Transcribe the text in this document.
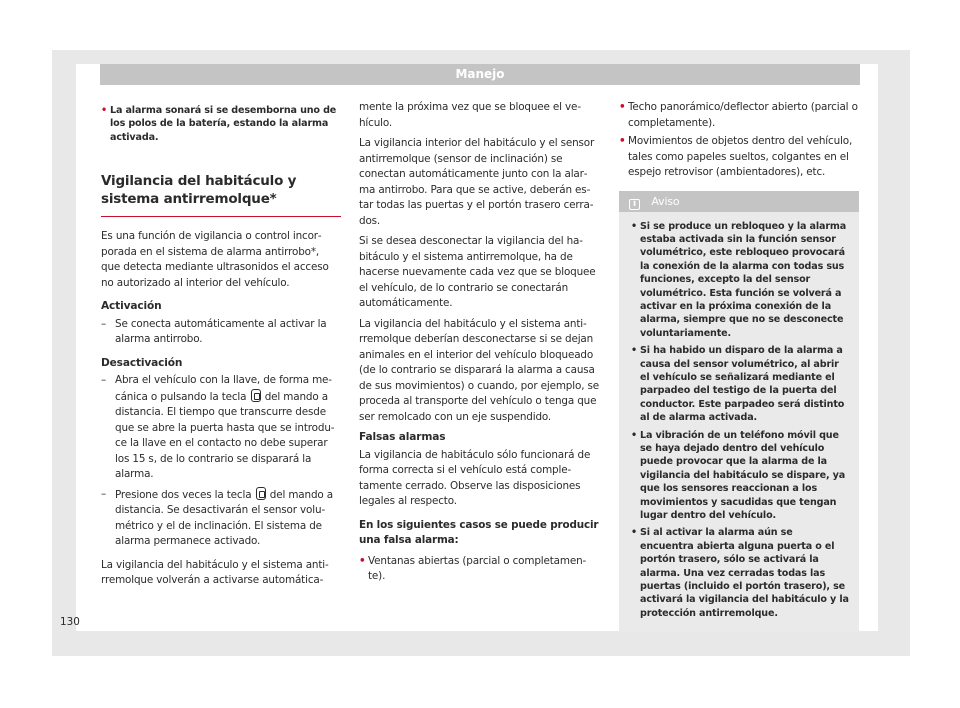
Manejo
• La alarma sonará si se desemborna uno de los polos de la batería, estando la alarma activada.
Vigilancia del habitáculo y sistema antirremolque*

Es una función de vigilancia o control incorporada en el sistema de alarma antirrobo*, que detecta mediante ultrasonidos el acceso no autorizado al interior del vehículo.

Activación
– Se conecta automáticamente al activar la alarma antirrobo.
Desactivación
– Abra el vehículo con la llave, de forma mecánica o pulsando la tecla del mando a distancia. El tiempo que transcurre desde que se abre la puerta hasta que se introduce la llave en el contacto no debe superar los 15 s, de lo contrario se disparará la alarma.
– Presione dos veces la tecla del mando a distancia. Se desactivarán el sensor volumétrico y el de inclinación. El sistema de alarma permanece activado.

La vigilancia del habitáculo y el sistema antirremolque volverán a activarse automática-

mente la próxima vez que se bloquee el vehículo.

La vigilancia interior del habitáculo y el sensor antirremolque (sensor de inclinación) se conectan automáticamente junto con la alarma antirrobo. Para que se active, deberán estar todas las puertas y el portón trasero cerrados.

Si se desea desconectar la vigilancia del habitáculo y el sistema antirremolque, ha de hacerse nuevamente cada vez que se bloquee el vehículo, de lo contrario se conectarán automáticamente.

La vigilancia del habitáculo y el sistema antirremolque deberían desconectarse si se dejan animales en el interior del vehículo bloqueado (de lo contrario se disparará la alarma a causa de sus movimientos) o cuando, por ejemplo, se proceda al transporte del vehículo o tenga que ser remolcado con un eje suspendido.

Falsas alarmas

La vigilancia de habitáculo sólo funcionará de forma correcta si el vehículo está completamente cerrado. Observe las disposiciones legales al respecto.

En los siguientes casos se puede producir una falsa alarma:

• Ventanas abiertas (parcial o completamente).
• Techo panorámico/deflector abierto (parcial o completamente).
• Movimientos de objetos dentro del vehículo, tales como papeles sueltos, colgantes en el espejo retrovisor (ambientadores), etc.
i Aviso
• Si se produce un rebloqueo y la alarma estaba activada sin la función sensor volumétrico, este rebloqueo provocará la conexión de la alarma con todas sus funciones, excepto la del sensor volumétrico. Esta función se volverá a activar en la próxima conexión de la alarma, siempre que no se desconecte voluntariamente.
• Si ha habido un disparo de la alarma a causa del sensor volumétrico, al abrir el vehículo se señalizará mediante el parpadeo del testigo de la puerta del conductor. Este parpadeo será distinto al de alarma activada.
• La vibración de un teléfono móvil que se haya dejado dentro del vehículo puede provocar que la alarma de la vigilancia del habitáculo se dispare, ya que los sensores reaccionan a los movimientos y sacudidas que tengan lugar dentro del vehículo.
• Si al activar la alarma aún se encuentra abierta alguna puerta o el portón trasero, sólo se activará la alarma. Una vez cerradas todas las puertas (incluido el portón trasero), se activará la vigilancia del habitáculo y la protección antirremolque.
130
